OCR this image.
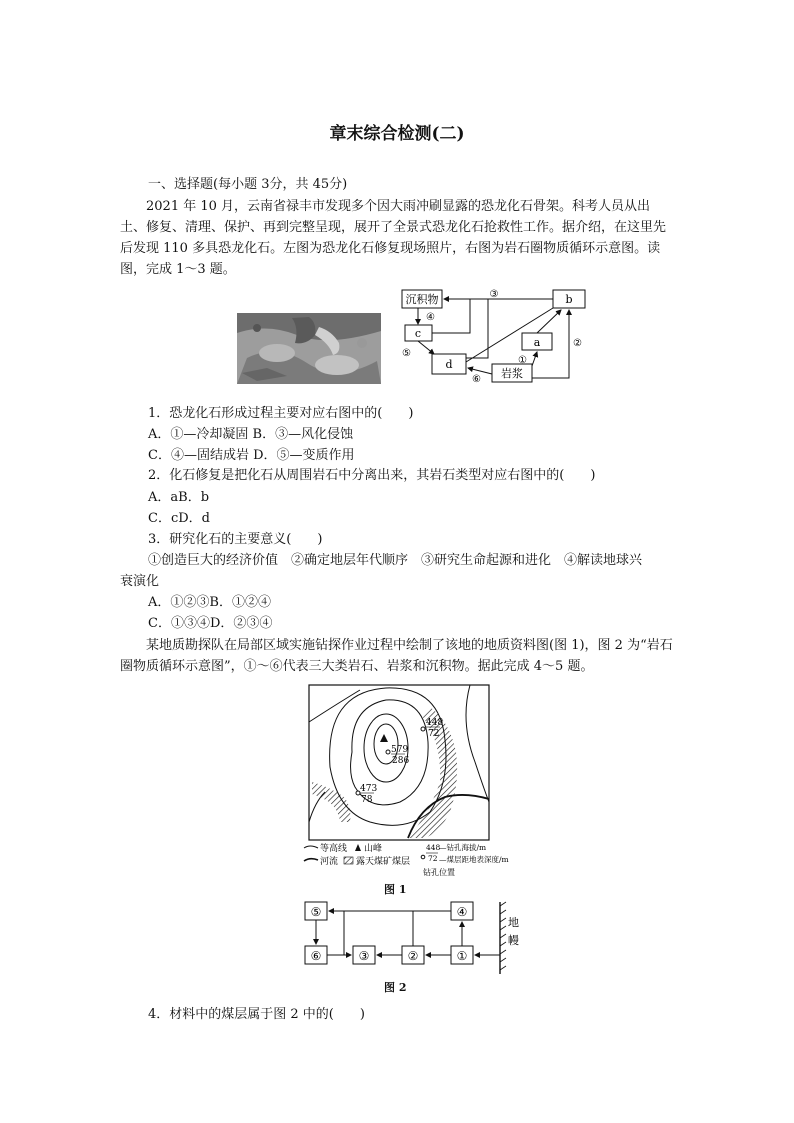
章末综合检测(二)
一、选择题(每小题 3分，共 45分)
2021 年 10 月，云南省禄丰市发现多个因大雨冲刷显露的恐龙化石骨架。科考人员从出土、修复、清理、保护、再到完整呈现，展开了全景式恐龙化石抢救性工作。据介绍，在这里先后发现 110 多具恐龙化石。左图为恐龙化石修复现场照片，右图为岩石圈物质循环示意图。读图，完成 1～3 题。
沉积物	b
c
a
d
岩浆
③
④
⑤
⑥
①
②
1．恐龙化石形成过程主要对应右图中的(　　)
A．①—冷却凝固 B．③—风化侵蚀
C．④—固结成岩 D．⑤—变质作用
2．化石修复是把化石从周围岩石中分离出来，其岩石类型对应右图中的(　　)
A．aB．b
C．cD．d
3．研究化石的主要意义(　　)
①创造巨大的经济价值　②确定地层年代顺序　③研究生命起源和进化　④解读地球兴
衰演化
A．①②③B．①②④
C．①③④D．②③④
某地质勘探队在局部区域实施钻探作业过程中绘制了该地的地质资料图(图 1)，图 2 为“岩石圈物质循环示意图”，①～⑥代表三大类岩石、岩浆和沉积物。据此完成 4～5 题。
448
72
579
286
473
78
等高线 山峰
河流 露天煤矿煤层
448
72
—钻孔海拔/m
—煤层距地表深度/m
钻孔位置
图 1
⑤	④
⑥	③	②	①
地
幔
图 2
4．材料中的煤层属于图 2 中的(　　)
